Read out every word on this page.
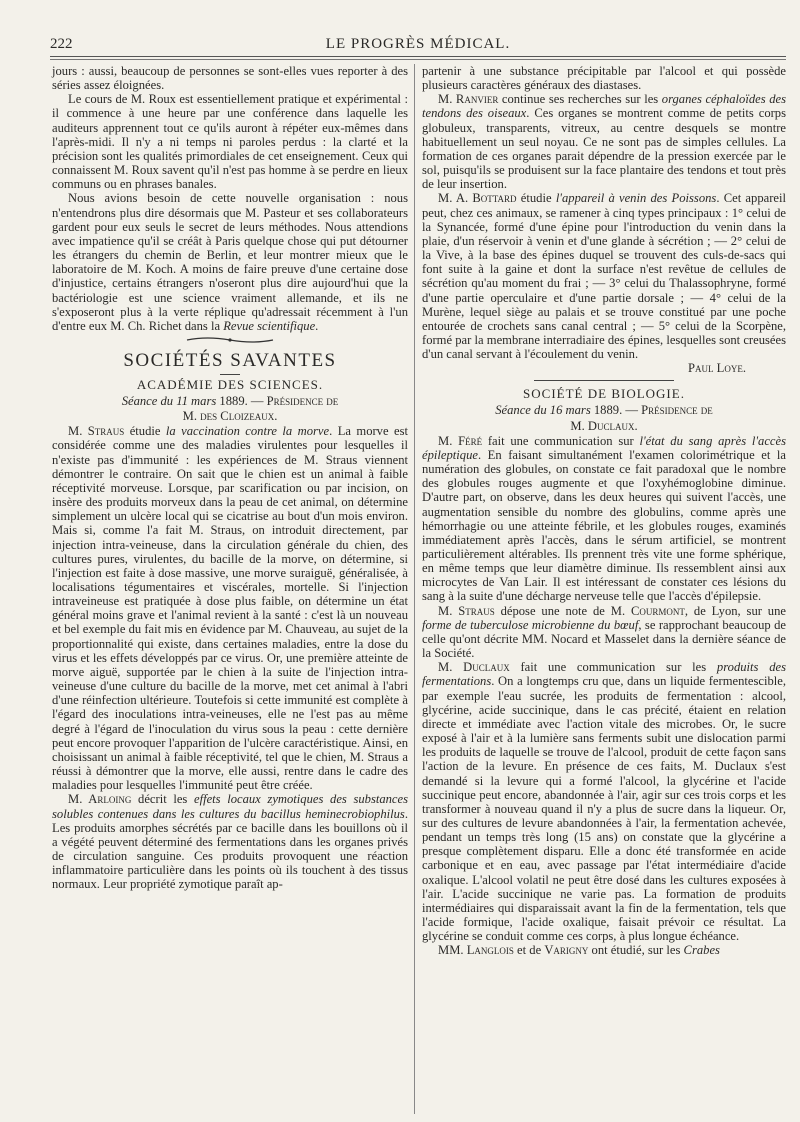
222	LE PROGRÈS MÉDICAL.

jours : aussi, beaucoup de personnes se sont-elles vues reporter à des séries assez éloignées.

Le cours de M. Roux est essentiellement pratique et expérimental : il commence à une heure par une conférence dans laquelle les auditeurs apprennent tout ce qu'ils auront à répéter eux-mêmes dans l'après-midi. Il n'y a ni temps ni paroles perdus : la clarté et la précision sont les qualités primordiales de cet enseignement. Ceux qui connaissent M. Roux savent qu'il n'est pas homme à se perdre en lieux communs ou en phrases banales.

Nous avions besoin de cette nouvelle organisation : nous n'entendrons plus dire désormais que M. Pasteur et ses collaborateurs gardent pour eux seuls le secret de leurs méthodes. Nous attendions avec impatience qu'il se créât à Paris quelque chose qui put détourner les étrangers du chemin de Berlin, et leur montrer mieux que le laboratoire de M. Koch. A moins de faire preuve d'une certaine dose d'injustice, certains étrangers n'oseront plus dire aujourd'hui que la bactériologie est une science vraiment allemande, et ils ne s'exposeront plus à la verte réplique qu'adressait récemment à l'un d'entre eux M. Ch. Richet dans la Revue scientifique.

SOCIÉTÉS SAVANTES
ACADÉMIE DES SCIENCES.
Séance du 11 mars 1889. — Présidence de
M. des Cloizeaux.

M. Straus étudie la vaccination contre la morve. La morve est considérée comme une des maladies virulentes pour lesquelles il n'existe pas d'immunité : les expériences de M. Straus viennent démontrer le contraire. On sait que le chien est un animal à faible réceptivité morveuse. Lorsque, par scarification ou par incision, on insère des produits morveux dans la peau de cet animal, on détermine simplement un ulcère local qui se cicatrise au bout d'un mois environ. Mais si, comme l'a fait M. Straus, on introduit directement, par injection intra-veineuse, dans la circulation générale du chien, des cultures pures, virulentes, du bacille de la morve, on détermine, si l'injection est faite à dose massive, une morve suraiguë, généralisée, à localisations tégumentaires et viscérales, mortelle. Si l'injection intraveineuse est pratiquée à dose plus faible, on détermine un état général moins grave et l'animal revient à la santé : c'est là un nouveau et bel exemple du fait mis en évidence par M. Chauveau, au sujet de la proportionnalité qui existe, dans certaines maladies, entre la dose du virus et les effets développés par ce virus. Or, une première atteinte de morve aiguë, supportée par le chien à la suite de l'injection intra-veineuse d'une culture du bacille de la morve, met cet animal à l'abri d'une réinfection ultérieure. Toutefois si cette immunité est complète à l'égard des inoculations intra-veineuses, elle ne l'est pas au même degré à l'égard de l'inoculation du virus sous la peau : cette dernière peut encore provoquer l'apparition de l'ulcère caractéristique. Ainsi, en choisissant un animal à faible réceptivité, tel que le chien, M. Straus a réussi à démontrer que la morve, elle aussi, rentre dans le cadre des maladies pour lesquelles l'immunité peut être créée.

M. Arloing décrit les effets locaux zymotiques des substances solubles contenues dans les cultures du bacillus heminecrobiophilus. Les produits amorphes sécrétés par ce bacille dans les bouillons où il a végété peuvent déterminé des fermentations dans les organes privés de circulation sanguine. Ces produits provoquent une réaction inflammatoire particulière dans les points où ils touchent à des tissus normaux. Leur propriété zymotique paraît ap-

partenir à une substance précipitable par l'alcool et qui possède plusieurs caractères généraux des diastases.

M. Ranvier continue ses recherches sur les organes céphaloïdes des tendons des oiseaux. Ces organes se montrent comme de petits corps globuleux, transparents, vitreux, au centre desquels se montre habituellement un seul noyau. Ce ne sont pas de simples cellules. La formation de ces organes parait dépendre de la pression exercée par le sol, puisqu'ils se produisent sur la face plantaire des tendons et tout près de leur insertion.

M. A. Bottard étudie l'appareil à venin des Poissons. Cet appareil peut, chez ces animaux, se ramener à cinq types principaux : 1° celui de la Synancée, formé d'une épine pour l'introduction du venin dans la plaie, d'un réservoir à venin et d'une glande à sécrétion ; — 2° celui de la Vive, à la base des épines duquel se trouvent des culs-de-sacs qui font suite à la gaine et dont la surface n'est revêtue de cellules de sécrétion qu'au moment du frai ; — 3° celui du Thalassophryne, formé d'une partie operculaire et d'une partie dorsale ; — 4° celui de la Murène, lequel siège au palais et se trouve constitué par une poche entourée de crochets sans canal central ; — 5° celui de la Scorpène, formé par la membrane interradiaire des épines, lesquelles sont creusées d'un canal servant à l'écoulement du venin.

Paul Loye.

SOCIÉTÉ DE BIOLOGIE.
Séance du 16 mars 1889. — Présidence de
M. Duclaux.

M. Féré fait une communication sur l'état du sang après l'accès épileptique. En faisant simultanément l'examen colorimétrique et la numération des globules, on constate ce fait paradoxal que le nombre des globules rouges augmente et que l'oxyhémoglobine diminue. D'autre part, on observe, dans les deux heures qui suivent l'accès, une augmentation sensible du nombre des globulins, comme après une hémorrhagie ou une atteinte fébrile, et les globules rouges, examinés immédiatement après l'accès, dans le sérum artificiel, se montrent particulièrement altérables. Ils prennent très vite une forme sphérique, en même temps que leur diamètre diminue. Ils ressemblent ainsi aux microcytes de Van Lair. Il est intéressant de constater ces lésions du sang à la suite d'une décharge nerveuse telle que l'accès d'épilepsie.

M. Straus dépose une note de M. Courmont, de Lyon, sur une forme de tuberculose microbienne du bœuf, se rapprochant beaucoup de celle qu'ont décrite MM. Nocard et Masselet dans la dernière séance de la Société.

M. Duclaux fait une communication sur les produits des fermentations. On a longtemps cru que, dans un liquide fermentescible, par exemple l'eau sucrée, les produits de fermentation : alcool, glycérine, acide succinique, dans le cas précité, étaient en relation directe et immédiate avec l'action vitale des microbes. Or, le sucre exposé à l'air et à la lumière sans ferments subit une dislocation parmi les produits de laquelle se trouve de l'alcool, produit de cette façon sans l'action de la levure. En présence de ces faits, M. Duclaux s'est demandé si la levure qui a formé l'alcool, la glycérine et l'acide succinique peut encore, abandonnée à l'air, agir sur ces trois corps et les transformer à nouveau quand il n'y a plus de sucre dans la liqueur. Or, sur des cultures de levure abandonnées à l'air, la fermentation achevée, pendant un temps très long (15 ans) on constate que la glycérine a presque complètement disparu. Elle a donc été transformée en acide carbonique et en eau, avec passage par l'état intermédiaire d'acide oxalique. L'alcool volatil ne peut être dosé dans les cultures exposées à l'air. L'acide succinique ne varie pas. La formation de produits intermédiaires qui disparaissait avant la fin de la fermentation, tels que l'acide formique, l'acide oxalique, faisait prévoir ce résultat. La glycérine se conduit comme ces corps, à plus longue échéance.

MM. Langlois et de Varigny ont étudié, sur les Crabes
